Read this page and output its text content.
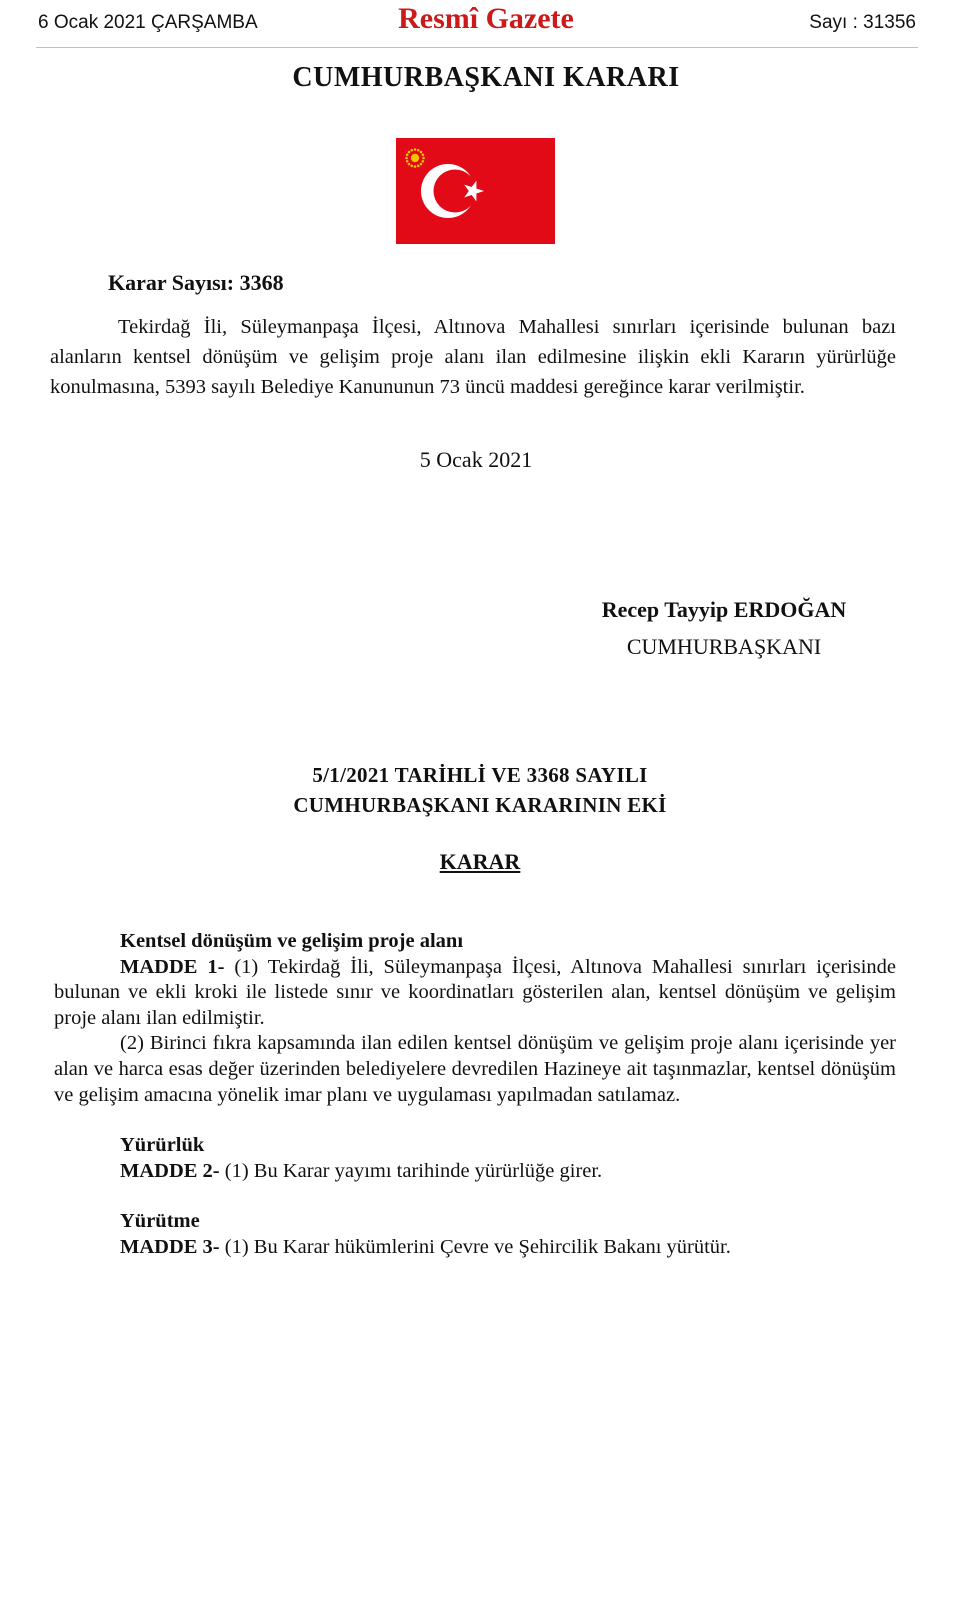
6 Ocak 2021 ÇARŞAMBA	Resmî Gazete	Sayı : 31356
CUMHURBAŞKANI KARARI
Karar Sayısı: 3368
Tekirdağ İli, Süleymanpaşa İlçesi, Altınova Mahallesi sınırları içerisinde bulunan bazı alanların kentsel dönüşüm ve gelişim proje alanı ilan edilmesine ilişkin ekli Kararın yürürlüğe konulmasına, 5393 sayılı Belediye Kanununun 73 üncü maddesi gereğince karar verilmiştir.
5 Ocak 2021
Recep Tayyip ERDOĞAN
CUMHURBAŞKANI
5/1/2021 TARİHLİ VE 3368 SAYILI
CUMHURBAŞKANI KARARININ EKİ
KARAR

Kentsel dönüşüm ve gelişim proje alanı

MADDE 1- (1) Tekirdağ İli, Süleymanpaşa İlçesi, Altınova Mahallesi sınırları içerisinde bulunan ve ekli kroki ile listede sınır ve koordinatları gösterilen alan, kentsel dönüşüm ve gelişim proje alanı ilan edilmiştir.

(2) Birinci fıkra kapsamında ilan edilen kentsel dönüşüm ve gelişim proje alanı içerisinde yer alan ve harca esas değer üzerinden belediyelere devredilen Hazineye ait taşınmazlar, kentsel dönüşüm ve gelişim amacına yönelik imar planı ve uygulaması yapılmadan satılamaz.

Yürürlük

MADDE 2- (1) Bu Karar yayımı tarihinde yürürlüğe girer.

Yürütme

MADDE 3- (1) Bu Karar hükümlerini Çevre ve Şehircilik Bakanı yürütür.
